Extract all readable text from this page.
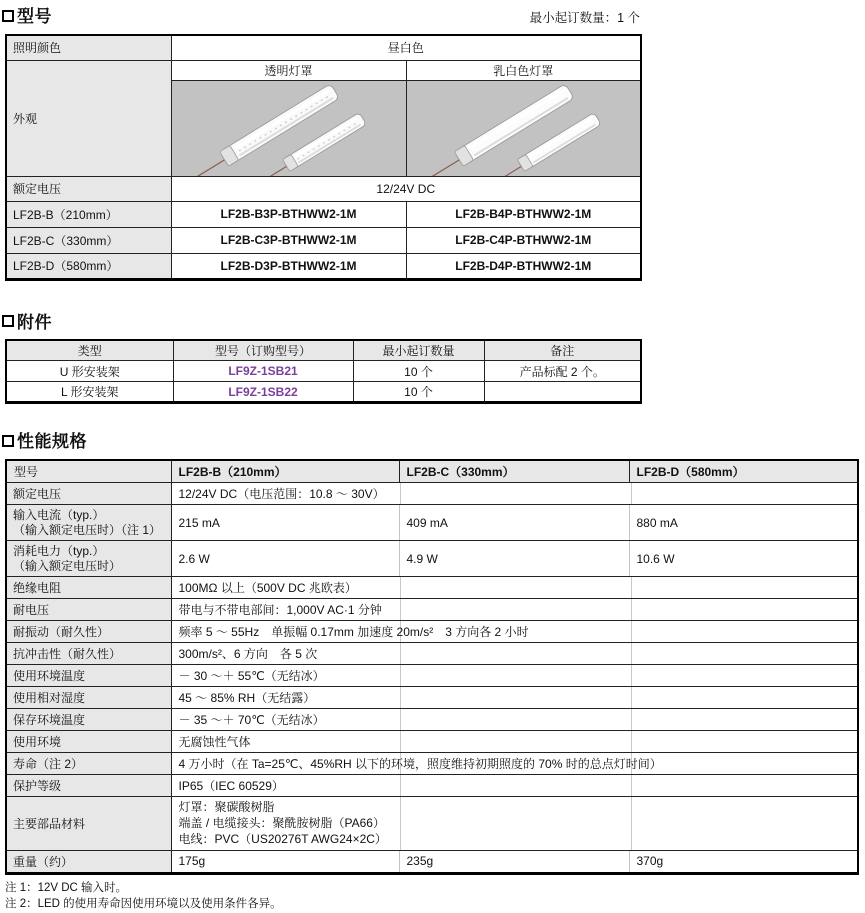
型号	最小起订数量：1 个
照明颜色	昼白色	
外观	透明灯罩	乳白色灯罩

额定电压	12/24V DC	
LF2B-B（210mm）	LF2B-B3P-BTHWW2-1M	LF2B-B4P-BTHWW2-1M
LF2B-C（330mm）	LF2B-C3P-BTHWW2-1M	LF2B-C4P-BTHWW2-1M
LF2B-D（580mm）	LF2B-D3P-BTHWW2-1M	LF2B-D4P-BTHWW2-1M
附件
类型	型号（订购型号）	最小起订数量	备注
U 形安装架	LF9Z-1SB21	10 个	产品标配 2 个。
L 形安装架	LF9Z-1SB22	10 个	
性能规格
型号	LF2B-B（210mm）	LF2B-C（330mm）	LF2B-D（580mm）
额定电压	12/24V DC（电压范围：10.8 ～ 30V）		

输入电流（typ.）
（输入额定电压时）（注 1）	215 mA	409 mA	880 mA

消耗电力（typ.）
（输入额定电压时）	2.6 W	4.9 W	10.6 W
绝缘电阻	100MΩ 以上（500V DC 兆欧表）		
耐电压	带电与不带电部间：1,000V AC·1 分钟		
耐振动（耐久性）	频率 5 ～ 55Hz　单振幅 0.17mm 加速度 20m/s²　3 方向各 2 小时		
抗冲击性（耐久性）	300m/s²、6 方向　各 5 次		
使用环境温度	－ 30 ～＋ 55℃（无结冰）		
使用相对湿度	45 ～ 85% RH（无结露）		
保存环境温度	－ 35 ～＋ 70℃（无结冰）		
使用环境	无腐蚀性气体		
寿命（注 2）	4 万小时（在 Ta=25℃、45%RH 以下的环境，照度维持初期照度的 70% 时的总点灯时间）		
保护等级	IP65（IEC 60529）		
主要部品材料	灯罩：聚碳酸树脂
端盖 / 电缆接头：聚酰胺树脂（PA66）
电线：PVC（US20276T AWG24×2C）		

重量（约）	175g	235g	370g
注 1：12V DC 输入时。
注 2：LED 的使用寿命因使用环境以及使用条件各异。
